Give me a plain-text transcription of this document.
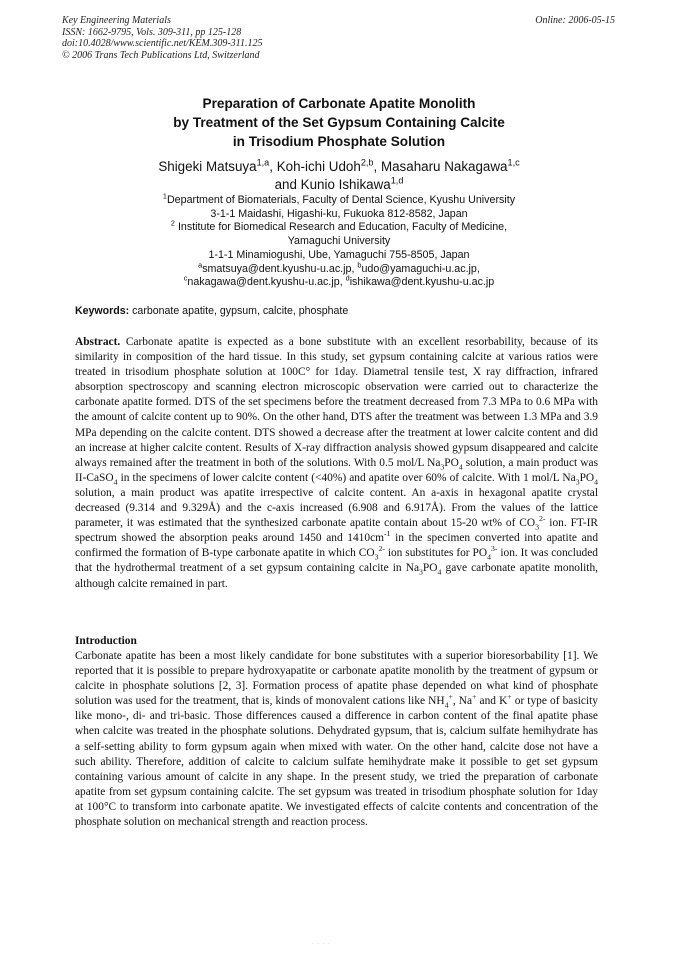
Key Engineering Materials
ISSN: 1662-9795, Vols. 309-311, pp 125-128
doi:10.4028/www.scientific.net/KEM.309-311.125
© 2006 Trans Tech Publications Ltd, Switzerland
Online: 2006-05-15
Preparation of Carbonate Apatite Monolith
by Treatment of the Set Gypsum Containing Calcite
in Trisodium Phosphate Solution
Shigeki Matsuya$^{1,a}$, Koh-ichi Udoh$^{2,b}$, Masaharu Nakagawa$^{1,c}$
and Kunio Ishikawa$^{1,d}$
$^1$Department of Biomaterials, Faculty of Dental Science, Kyushu University
3-1-1 Maidashi, Higashi-ku, Fukuoka 812-8582, Japan
$^2$ Institute for Biomedical Research and Education, Faculty of Medicine,
Yamaguchi University
1-1-1 Minamiogushi, Ube, Yamaguchi 755-8505, Japan
$^a$smatsuya@dent.kyushu-u.ac.jp, $^b$udo@yamaguchi-u.ac.jp,
$^c$nakagawa@dent.kyushu-u.ac.jp, $^d$ishikawa@dent.kyushu-u.ac.jp
Keywords: carbonate apatite, gypsum, calcite, phosphate
Abstract. Carbonate apatite is expected as a bone substitute with an excellent resorbability, because of its similarity in composition of the hard tissue. In this study, set gypsum containing calcite at various ratios were treated in trisodium phosphate solution at 100C° for 1day. Diametral tensile test, X ray diffraction, infrared absorption spectroscopy and scanning electron microscopic observation were carried out to characterize the carbonate apatite formed. DTS of the set specimens before the treatment decreased from 7.3 MPa to 0.6 MPa with the amount of calcite content up to 90%. On the other hand, DTS after the treatment was between 1.3 MPa and 3.9 MPa depending on the calcite content. DTS showed a decrease after the treatment at lower calcite content and did an increase at higher calcite content. Results of X-ray diffraction analysis showed gypsum disappeared and calcite always remained after the treatment in both of the solutions. With 0.5 mol/L $Na_3PO_4$ solution, a main product was II-CaSO$_4$ in the specimens of lower calcite content (<40%) and apatite over 60% of calcite. With 1 mol/L $Na_3PO_4$ solution, a main product was apatite irrespective of calcite content. An a-axis in hexagonal apatite crystal decreased (9.314 and 9.329Å) and the c-axis increased (6.908 and 6.917Å). From the values of the lattice parameter, it was estimated that the synthesized carbonate apatite contain about 15-20 wt% of $CO_3^{2-}$ ion. FT-IR spectrum showed the absorption peaks around 1450 and $1410cm^{-1}$ in the specimen converted into apatite and confirmed the formation of B-type carbonate apatite in which $CO_3^{2-}$ ion substitutes for $PO_4^{3-}$ ion. It was concluded that the hydrothermal treatment of a set gypsum containing calcite in $Na_3PO_4$ gave carbonate apatite monolith, although calcite remained in part.
Introduction
Carbonate apatite has been a most likely candidate for bone substitutes with a superior bioresorbability [1]. We reported that it is possible to prepare hydroxyapatite or carbonate apatite monolith by the treatment of gypsum or calcite in phosphate solutions [2, 3]. Formation process of apatite phase depended on what kind of phosphate solution was used for the treatment, that is, kinds of monovalent cations like $NH_4^+$, Na+ and K+ or type of basicity like mono-, di- and tri-basic. Those differences caused a difference in carbon content of the final apatite phase when calcite was treated in the phosphate solutions. Dehydrated gypsum, that is, calcium sulfate hemihydrate has a self-setting ability to form gypsum again when mixed with water. On the other hand, calcite dose not have a such ability. Therefore, addition of calcite to calcium sulfate hemihydrate make it possible to get set gypsum containing various amount of calcite in any shape. In the present study, we tried the preparation of carbonate apatite from set gypsum containing calcite. The set gypsum was treated in trisodium phosphate solution for 1day at 100°C to transform into carbonate apatite. We investigated effects of calcite contents and concentration of the phosphate solution on mechanical strength and reaction process.
. . . .
